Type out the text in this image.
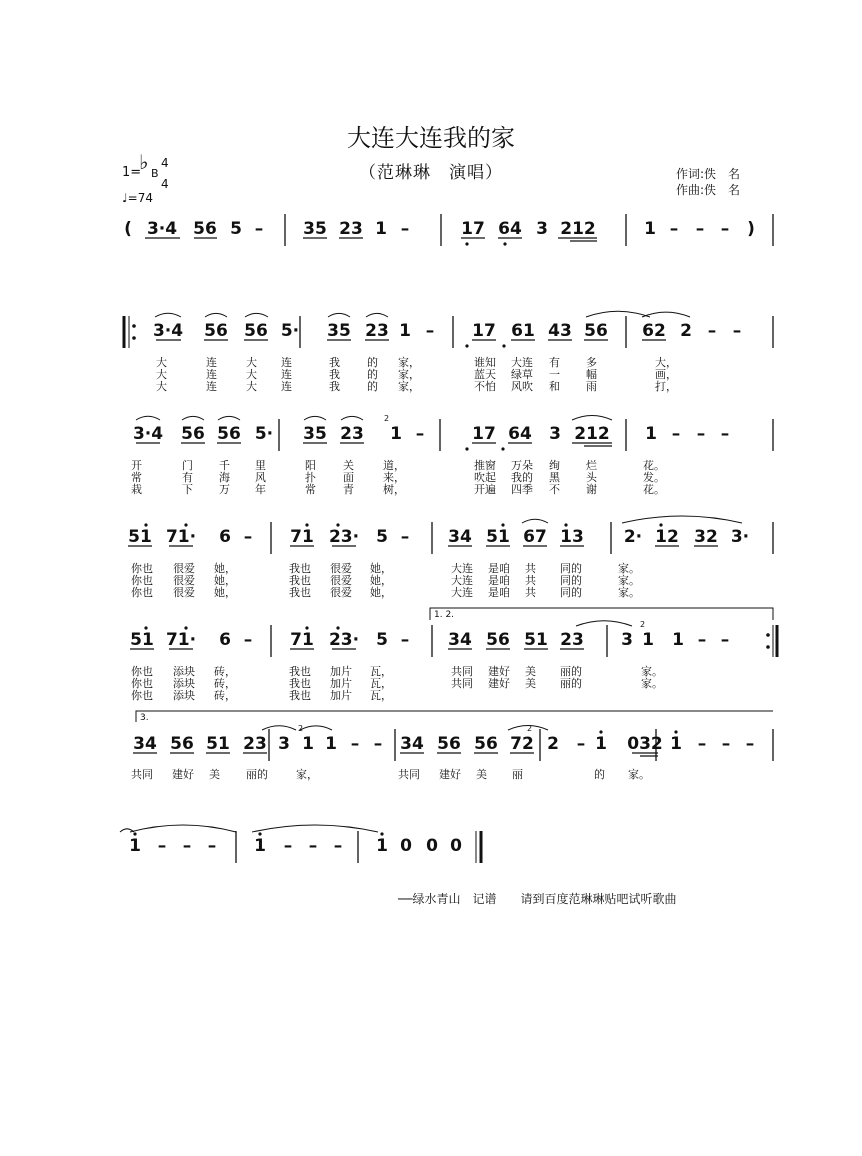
大连大连我的家
（范琳琳　演唱）	作词:佚　名
作曲:佚　名
1=
♭ B
4
4
♩=74
──绿水青山　记谱　　请到百度范琳琳贴吧试听歌曲
( 3·4 56 5 – 35 23 1 –	17 64 3 212	1 – – – )
3·4 56 56 5· 35 23 1 – 17 61 43 56 62 2 – –
3·4 56 56 5· 35 23 1 –	17 64 3 212 1 – – –
51 71· 6 – 71 23· 5 – 34 51 67 13 2· 12 32 3·
51 71· 6 – 71 23· 5 – 34 56 51 23 3 1 1 – –
34 56 51 23 3 1 1 – – 34 56 56 72 2 – 1 032 1 – – –
1 – – – 1 – – – 1 0 0 0
大	连	大 连	我 的 家，	谁知 大连 有 多	大，
大	连	大 连	我 的 家，	蓝天 绿草 一 幅	画，
大	连	大 连	我 的 家，	不怕 风吹 和 雨	打，
开	门 千 里	阳 关	道，	推窗 万朵 绚 烂	花。
常	有 海 风	扑 面	来，	吹起 我的 黑 头	发。
栽	下 万 年	常 青	树，	开遍 四季 不 谢	花。
你也 很爱 她，	我也 很爱 她，	大连 是咱 共 同的	家。
你也 很爱 她，	我也 很爱 她，	大连 是咱 共 同的	家。
你也 很爱 她，	我也 很爱 她，	大连 是咱 共 同的	家。
你也 添块 砖，	我也 加片 瓦，	共同 建好 美 丽的	家。
你也 添块 砖，	我也 加片 瓦，	共同 建好 美 丽的	家。
你也 添块 砖，	我也 加片 瓦，
共同 建好 美 丽的	家，	共同 建好 美 丽	的 家。
1. 2.
3.
2
2
2	2
